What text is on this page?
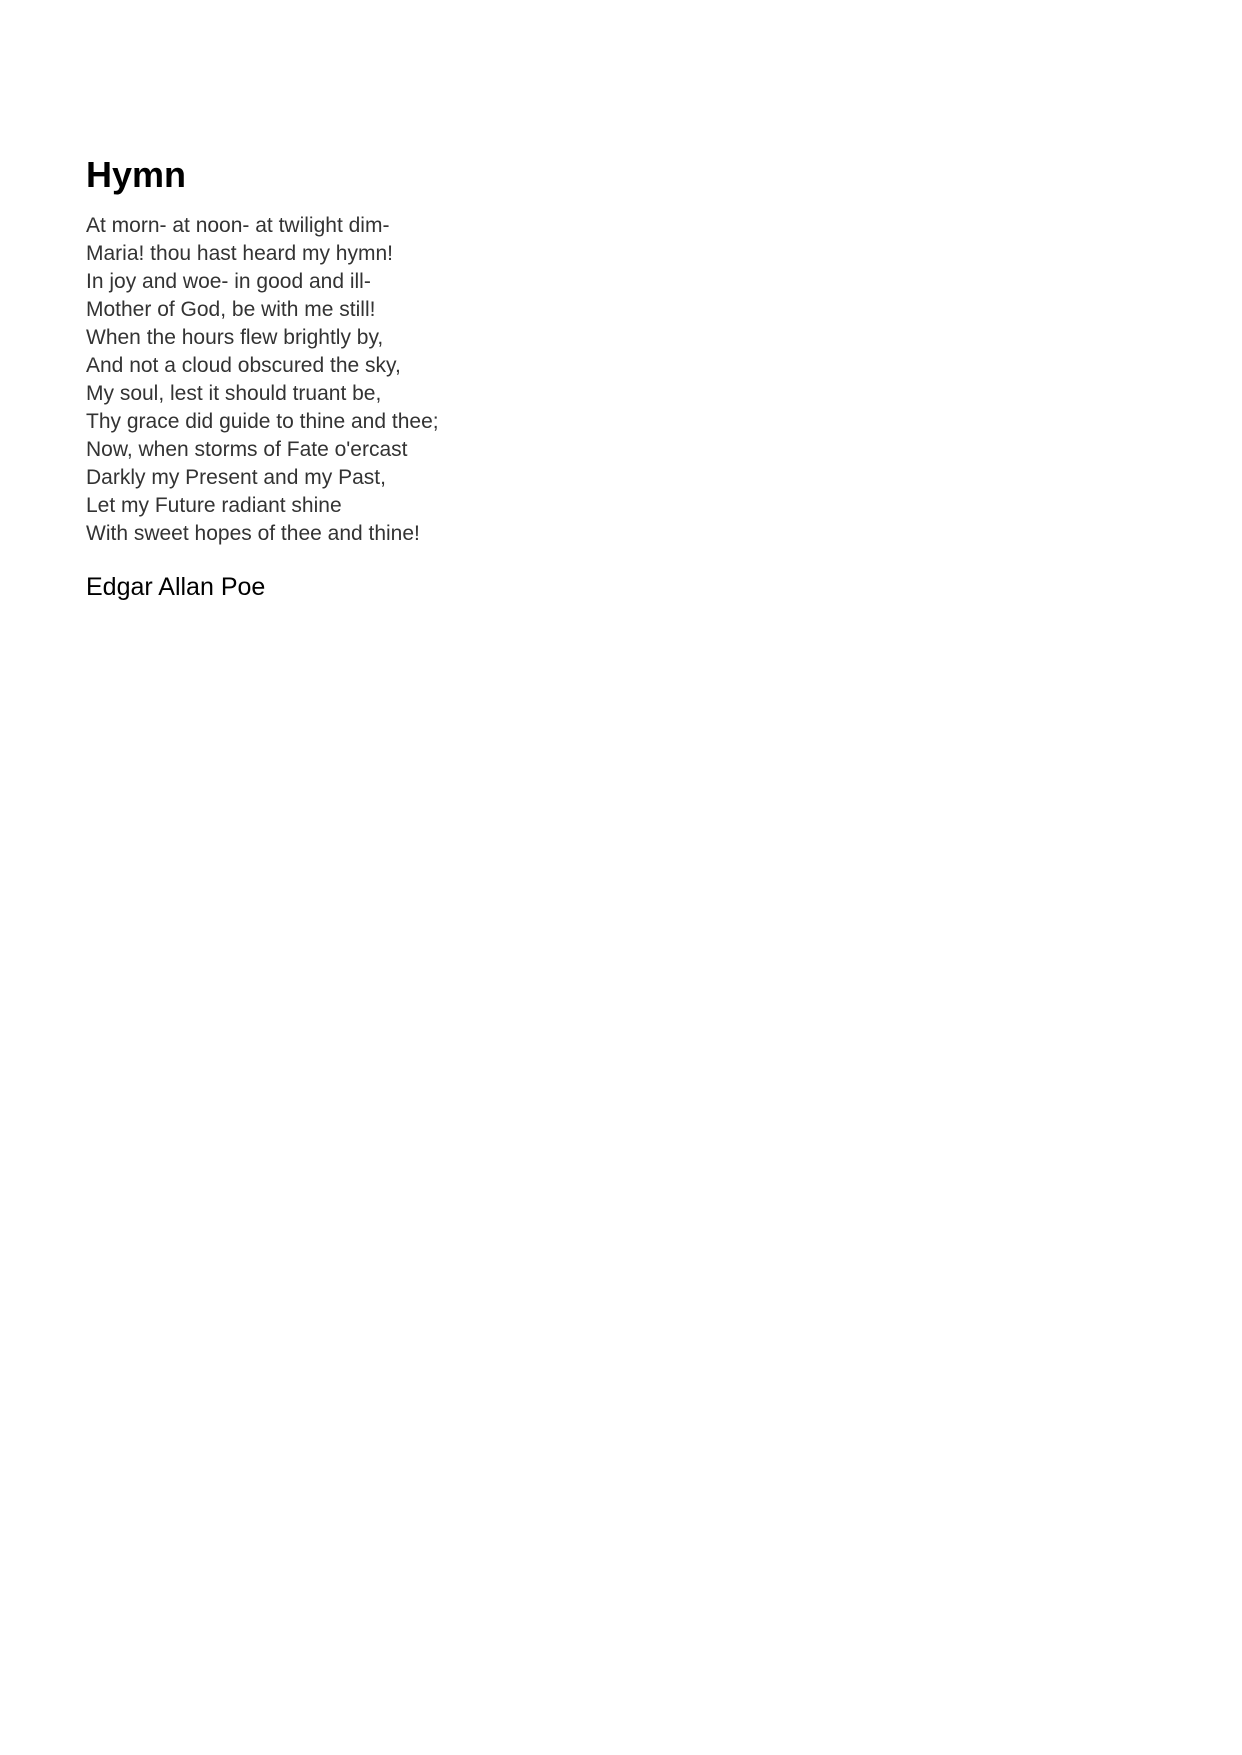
Hymn
At morn- at noon- at twilight dim-
Maria! thou hast heard my hymn!
In joy and woe- in good and ill-
Mother of God, be with me still!
When the hours flew brightly by,
And not a cloud obscured the sky,
My soul, lest it should truant be,
Thy grace did guide to thine and thee;
Now, when storms of Fate o'ercast
Darkly my Present and my Past,
Let my Future radiant shine
With sweet hopes of thee and thine!
Edgar Allan Poe
